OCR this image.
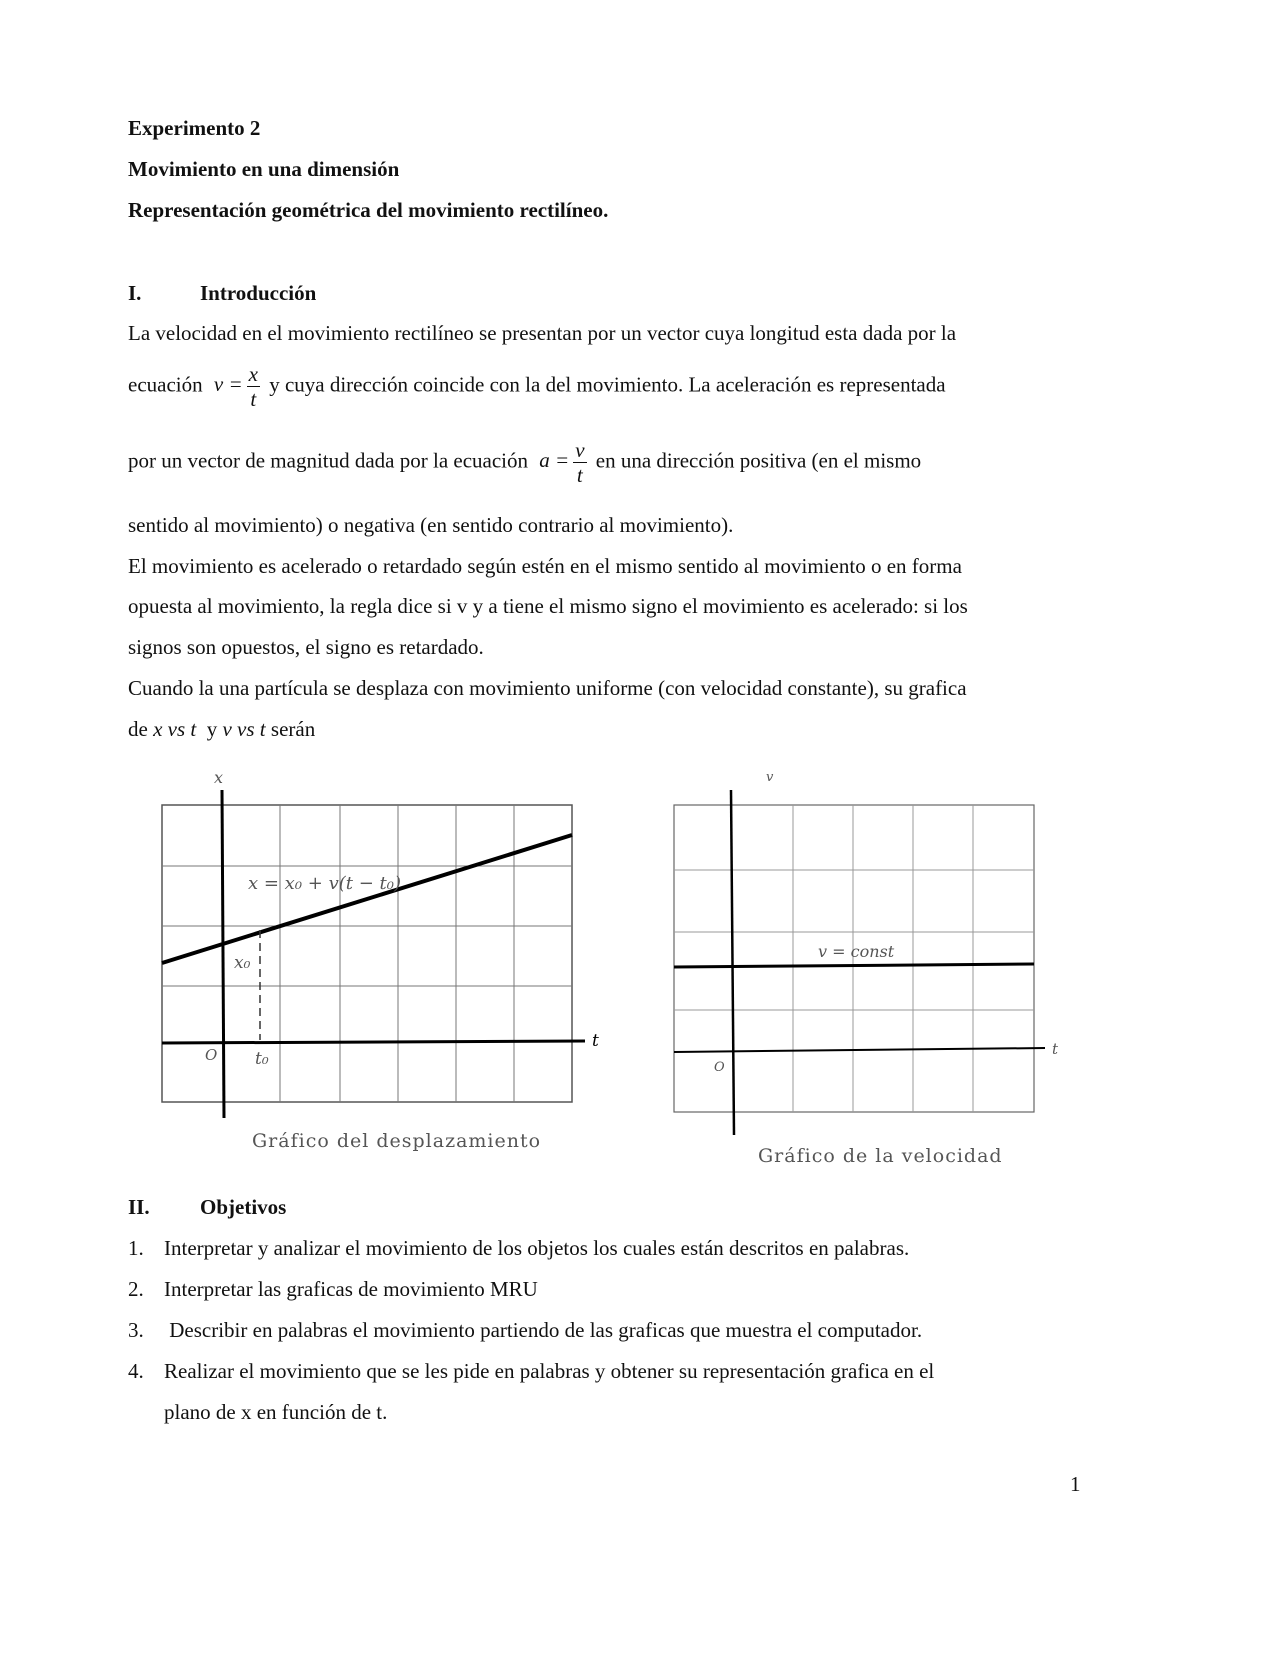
Experimento 2
Movimiento en una dimensión
Representación geométrica del movimiento rectilíneo.
I.	Introducción
La velocidad en el movimiento rectilíneo se presentan por un vector cuya longitud esta dada por la
ecuación $v = \frac{x}{t}$ y cuya dirección coincide con la del movimiento. La aceleración es representada
por un vector de magnitud dada por la ecuación $a = \frac{v}{t}$ en una dirección positiva (en el mismo
sentido al movimiento) o negativa (en sentido contrario al movimiento).
El movimiento es acelerado o retardado según estén en el mismo sentido al movimiento o en forma
opuesta al movimiento, la regla dice si v y a tiene el mismo signo el movimiento es acelerado: si los
signos son opuestos, el signo es retardado.
Cuando la una partícula se desplaza con movimiento uniforme (con velocidad constante), su grafica
de x vs t  y v vs t serán
x
t
O t₀
x₀
x = x₀ + v(t − t₀)
v
t
O
v = const
Gráfico del desplazamiento
Gráfico de la velocidad
II. Objetivos
1. Interpretar y analizar el movimiento de los objetos los cuales están descritos en palabras.
2. Interpretar las graficas de movimiento MRU
3. Describir en palabras el movimiento partiendo de las graficas que muestra el computador.
4. Realizar el movimiento que se les pide en palabras y obtener su representación grafica en el
plano de x en función de t.
1
